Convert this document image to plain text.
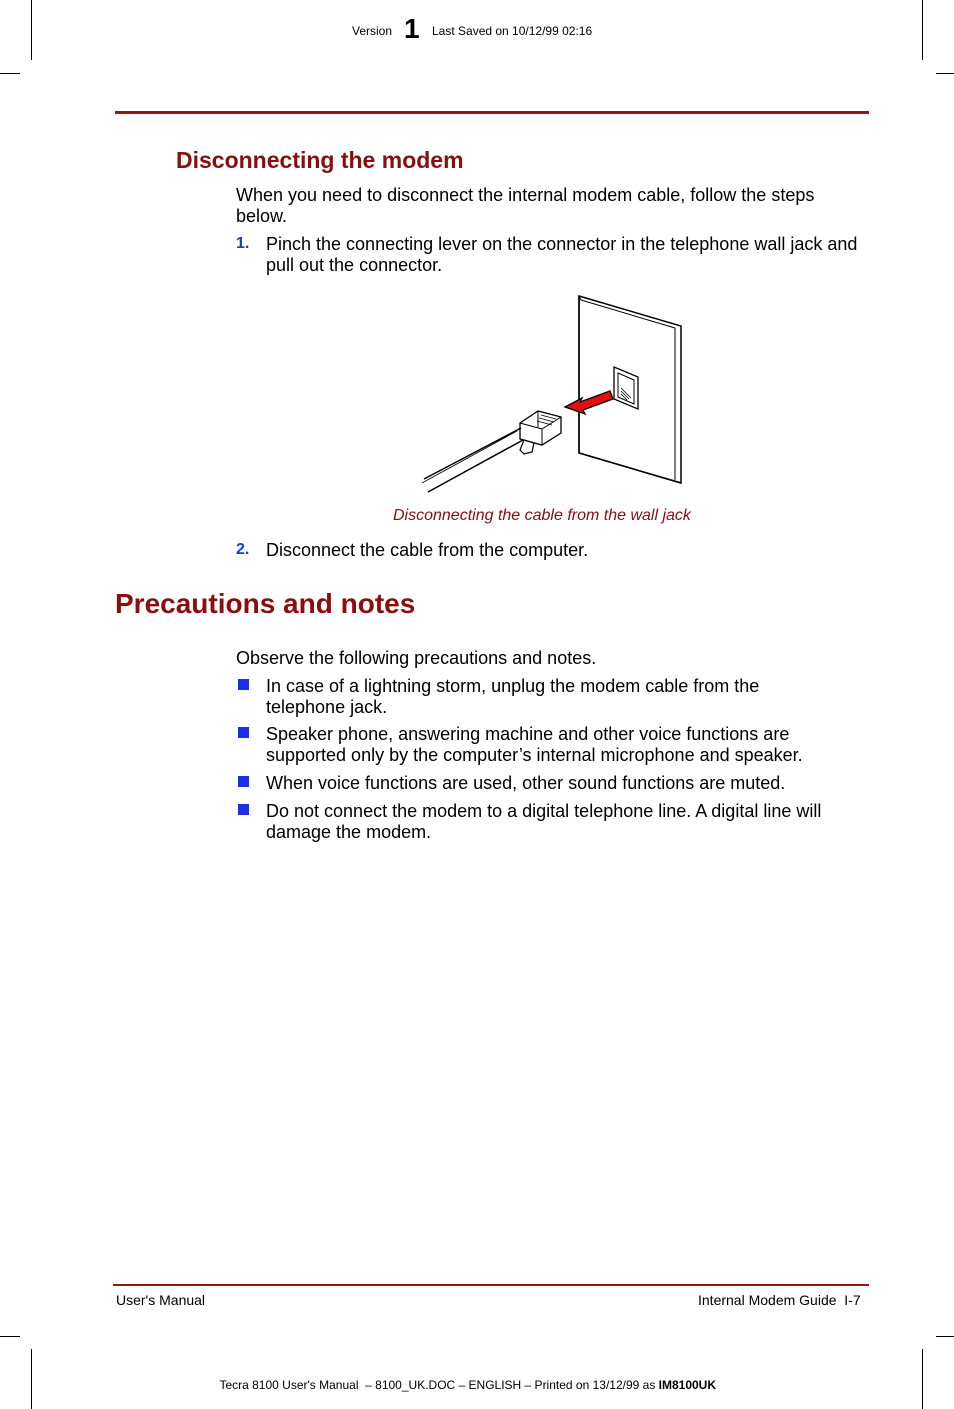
Version 1 Last Saved on 10/12/99 02:16
Disconnecting the modem
When you need to disconnect the internal modem cable, follow the steps below.
1. Pinch the connecting lever on the connector in the telephone wall jack and pull out the connector.
Disconnecting the cable from the wall jack
2. Disconnect the cable from the computer.
Precautions and notes
Observe the following precautions and notes.
In case of a lightning storm, unplug the modem cable from the telephone jack.
Speaker phone, answering machine and other voice functions are supported only by the computer’s internal microphone and speaker.
When voice functions are used, other sound functions are muted.
Do not connect the modem to a digital telephone line. A digital line will damage the modem.
User's Manual	Internal Modem Guide  I-7

Tecra 8100 User's Manual  – 8100_UK.DOC – ENGLISH – Printed on 13/12/99 as IM8100UK
